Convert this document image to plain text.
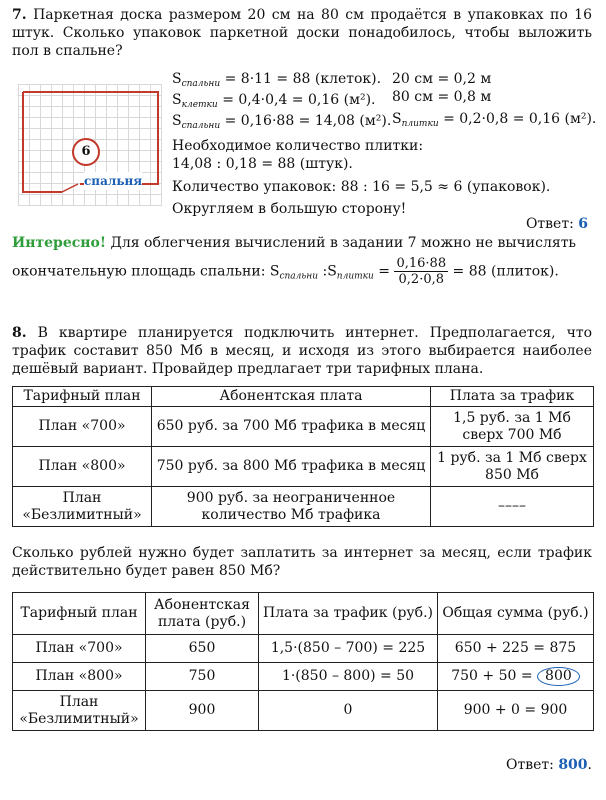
7. Паркетная доска размером 20 см на 80 см продаётся в упаковках по 16 штук. Сколько упаковок паркетной доски понадобилось, чтобы выложить пол в спальне?

6
спальня
$S_{спальни} = 8\cdot 11 = 88$ (клеток).
$S_{клетки} = 0,4\cdot 0,4 = 0,16$ (м²).
$S_{спальни} = 0,16\cdot 88 = 14,08$ (м²).
20 см = 0,2 м
80 см = 0,8 м
$S_{плитки} = 0,2\cdot 0,8 = 0,16$ (м²).
Необходимое количество плитки:
14,08 : 0,18 = 88 (штук).
Количество упаковок: 88 : 16 = 5,5 ≈ 6 (упаковок).
Округляем в большую сторону!
Ответ: 6

Интересно! Для облегчения вычислений в задании 7 можно не вычислять

окончательную площадь спальни: $S_{спальни}$ $:S_{плитки} = \frac{0,16\cdot 88}{0,2\cdot 0,8} = 88$ (плиток).

8. В квартире планируется подключить интернет. Предполагается, что трафик составит 850 Мб в месяц, и исходя из этого выбирается наиболее дешёвый вариант. Провайдер предлагает три тарифных плана.

Тарифный план	Абонентская плата	Плата за трафик
План «700»	650 руб. за 700 Мб трафика в месяц	1,5 руб. за 1 Мб сверх 700 Мб
План «800»	750 руб. за 800 Мб трафика в месяц	1 руб. за 1 Мб сверх 850 Мб
План «Безлимитный»	900 руб. за неограниченное количество Мб трафика	––––

Сколько рублей нужно будет заплатить за интернет за месяц, если трафик действительно будет равен 850 Мб?

Тарифный план	Абонентская плата (руб.)	Плата за трафик (руб.)	Общая сумма (руб.)
План «700»	650	1,5·(850 – 700) = 225	650 + 225 = 875
План «800»	750	1·(850 – 800) = 50	750 + 50 = 800
План «Безлимитный»	900	0	900 + 0 = 900
Ответ: 800.
